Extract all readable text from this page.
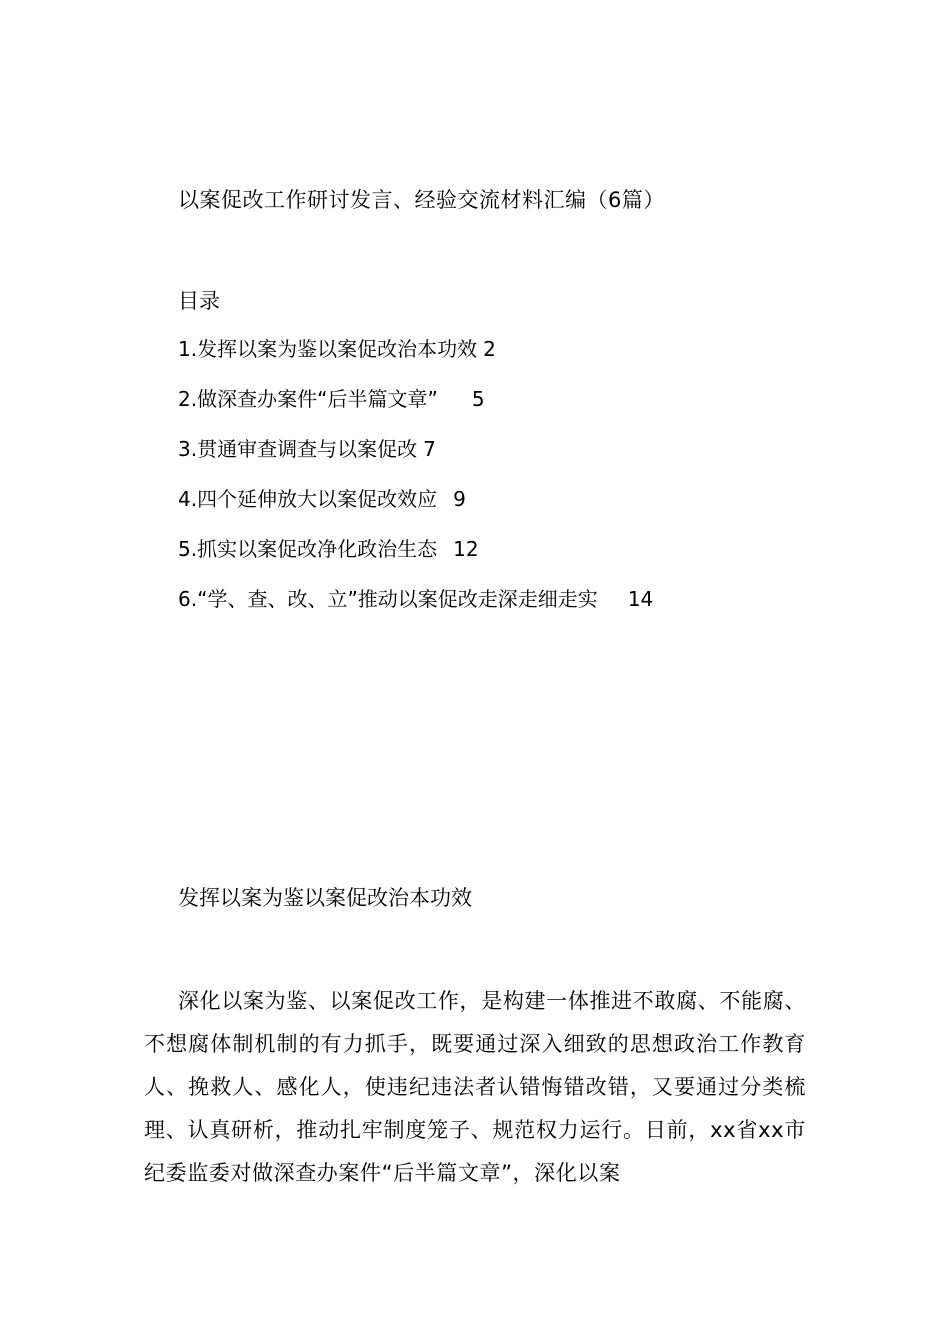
以案促改工作研讨发言、经验交流材料汇编（6篇）
目录
1.发挥以案为鉴以案促改治本功效 2
2.做深查办案件“后半篇文章” 5
3.贯通审查调查与以案促改 7
4.四个延伸放大以案促改效应 9
5.抓实以案促改净化政治生态 12
6.“学、查、改、立”推动以案促改走深走细走实 14
发挥以案为鉴以案促改治本功效

深化以案为鉴、以案促改工作，是构建一体推进不敢腐、不能腐、不想腐体制机制的有力抓手，既要通过深入细致的思想政治工作教育人、挽救人、感化人，使违纪违法者认错悔错改错，又要通过分类梳理、认真研析，推动扎牢制度笼子、规范权力运行。日前，xx省xx市纪委监委对做深查办案件“后半篇文章”，深化以案
